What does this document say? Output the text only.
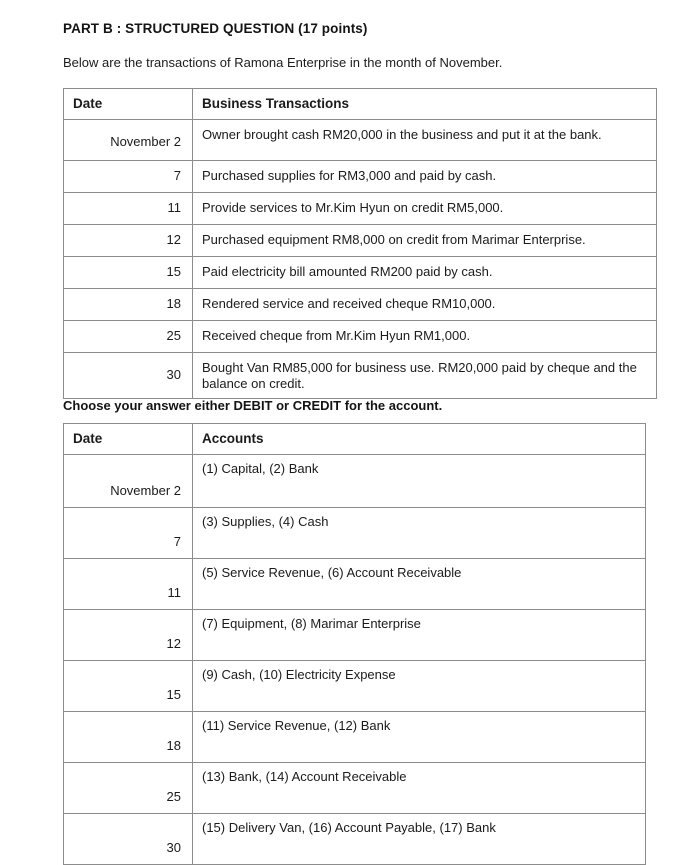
PART B : STRUCTURED QUESTION (17 points)
Below are the transactions of Ramona Enterprise in the month of November.
Date	Business Transactions

November 2	Owner brought cash RM20,000 in the business and put it at the bank.

7	Purchased supplies for RM3,000 and paid by cash.

11	Provide services to Mr.Kim Hyun on credit RM5,000.

12	Purchased equipment RM8,000 on credit from Marimar Enterprise.

15	Paid electricity bill amounted RM200 paid by cash.

18	Rendered service and received cheque RM10,000.

25	Received cheque from Mr.Kim Hyun RM1,000.

30	Bought Van RM85,000 for business use. RM20,000 paid by cheque and the balance on credit.
Choose your answer either DEBIT or CREDIT for the account.
Date	Accounts

November 2	(1) Capital, (2) Bank

7	(3) Supplies, (4) Cash

11	(5) Service Revenue, (6) Account Receivable

12	(7) Equipment, (8) Marimar Enterprise

15	(9) Cash, (10) Electricity Expense

18	(11) Service Revenue, (12) Bank

25	(13) Bank, (14) Account Receivable

30	(15) Delivery Van, (16) Account Payable, (17) Bank
